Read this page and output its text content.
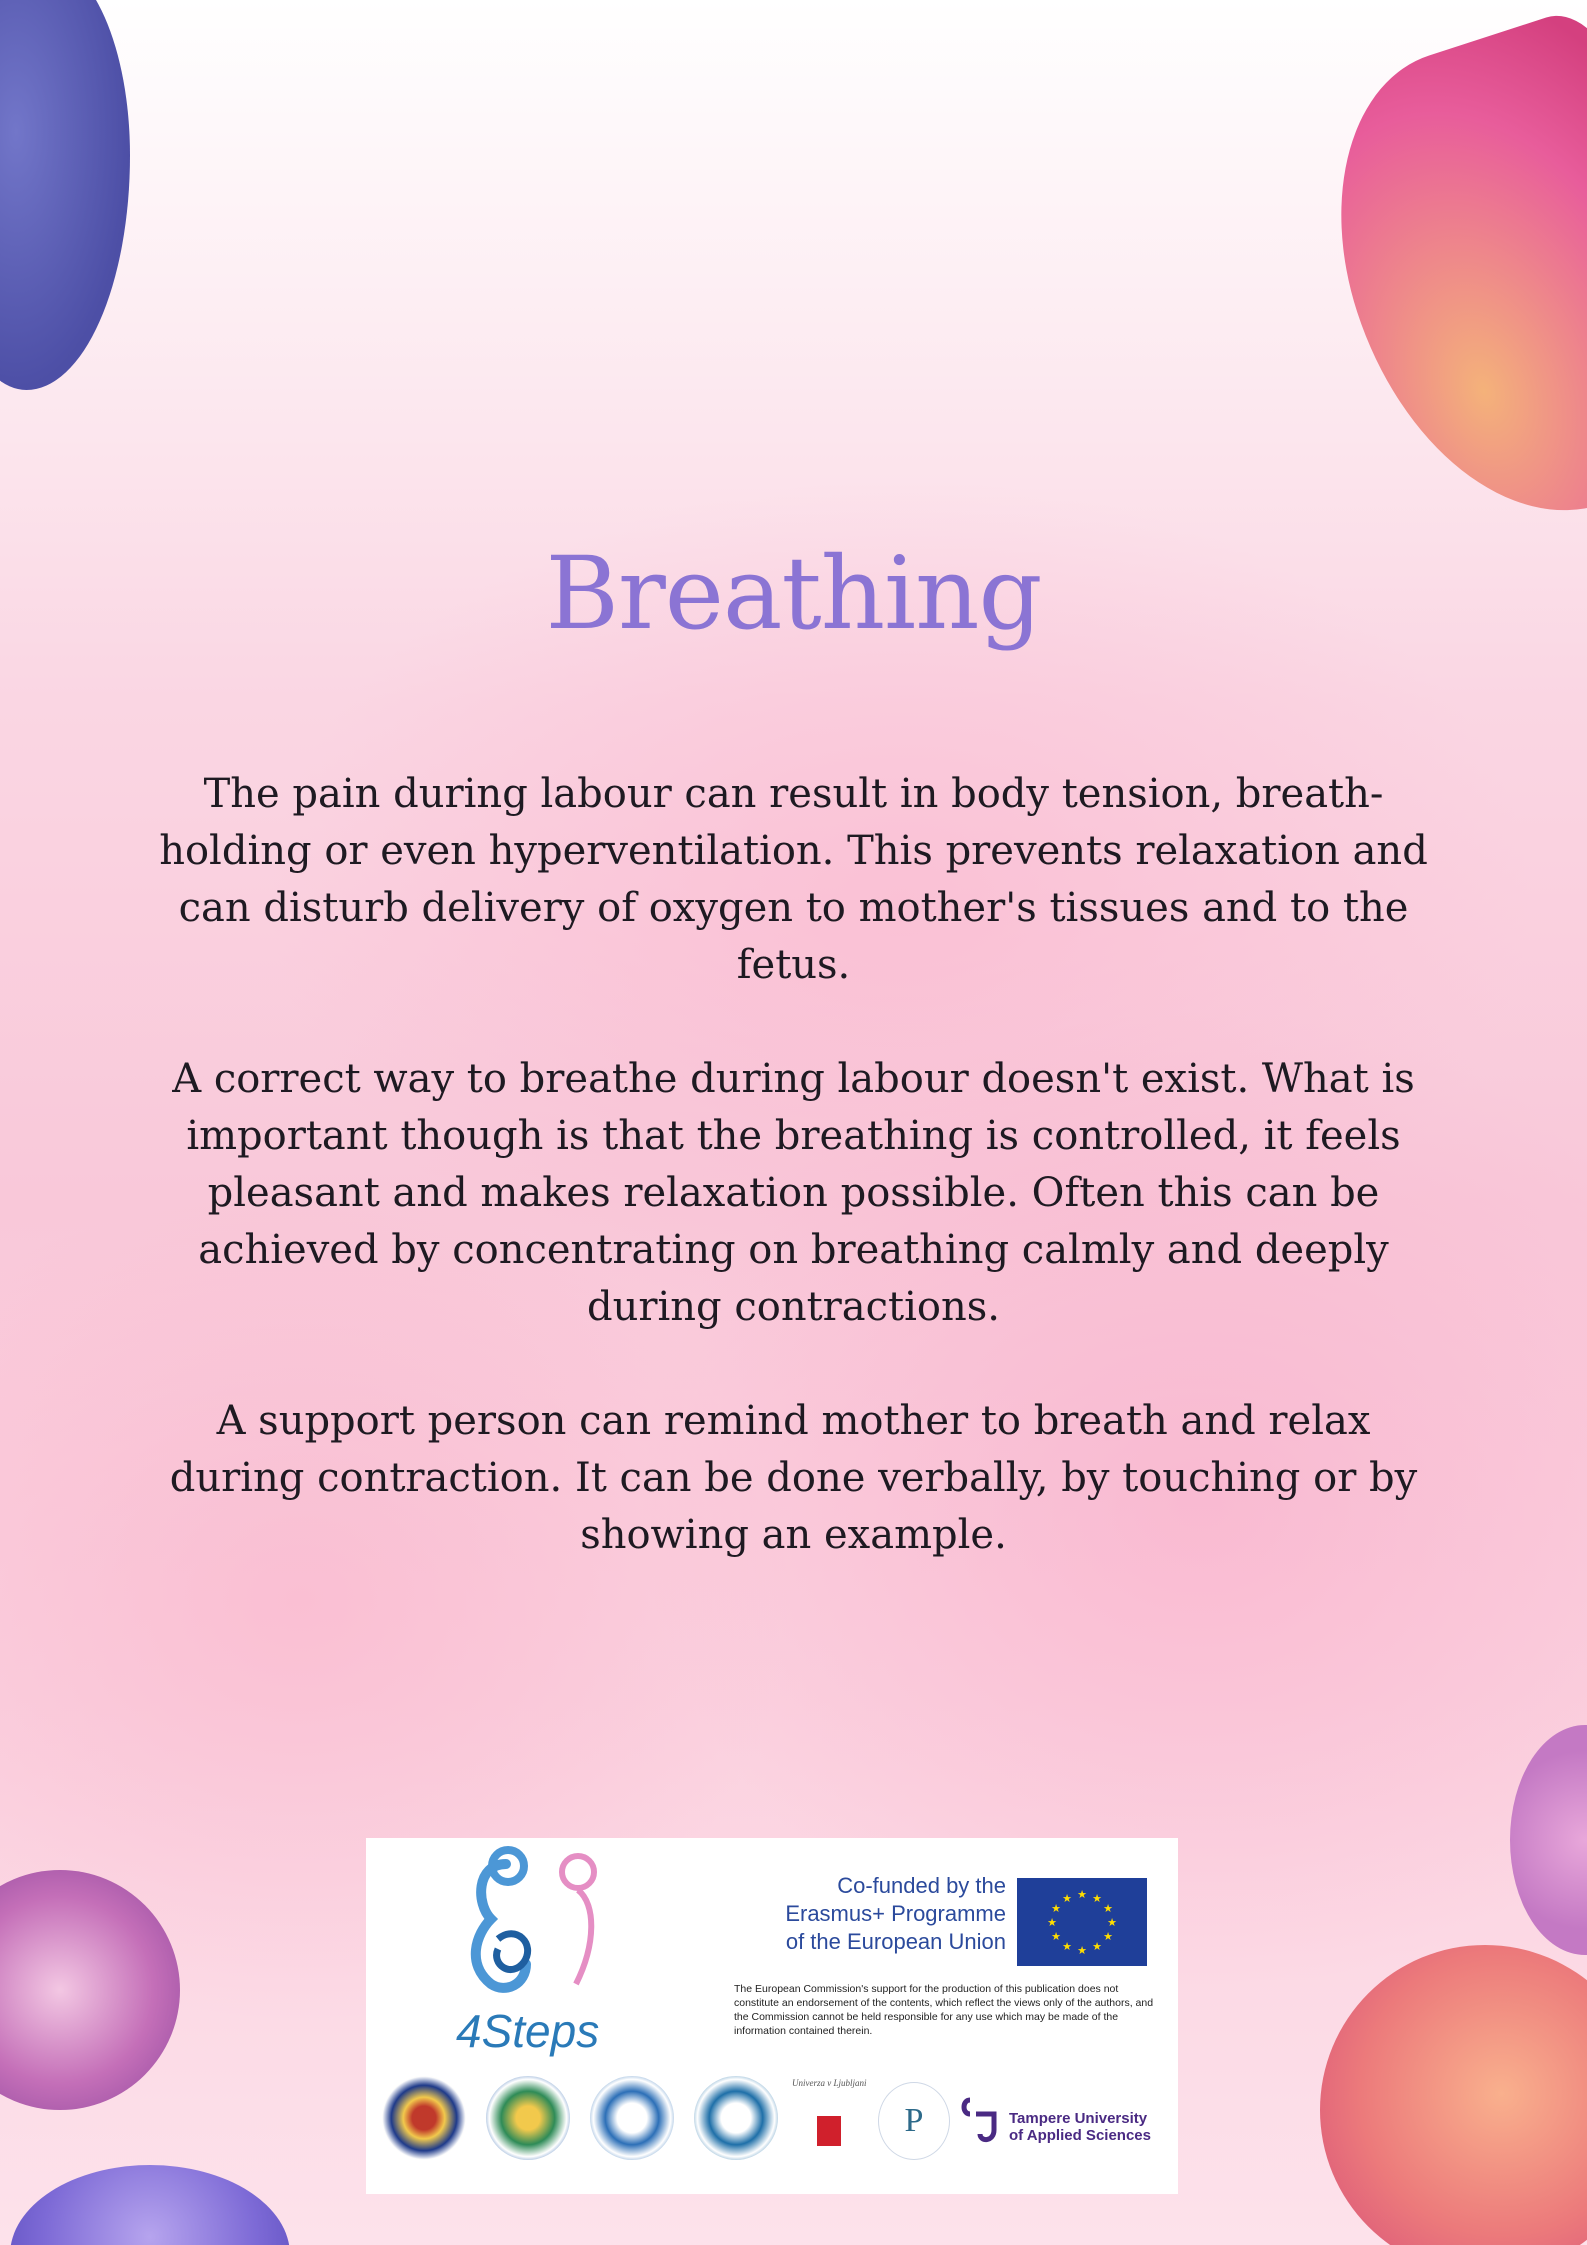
Breathing

The pain during labour can result in body tension, breath-holding or even hyperventilation. This prevents relaxation and can disturb delivery of oxygen to mother's tissues and to the fetus.

A correct way to breathe during labour doesn't exist. What is important though is that the breathing is controlled, it feels pleasant and makes relaxation possible. Often this can be achieved by concentrating on breathing calmly and deeply during contractions.

A support person can remind mother to breath and relax during contraction. It can be done verbally, by touching or by showing an example.

4Steps
Co-funded by the
Erasmus+ Programme
of the European Union
★ ★
★
★
★
★
★
★
★
★
★
★
The European Commission's support for the production of this publication does not constitute an endorsement of the contents, which reflect the views only of the authors, and the Commission cannot be held responsible for any use which may be made of the information contained therein.
Univerza v Ljubljani
Р	Tampere University
of Applied Sciences
